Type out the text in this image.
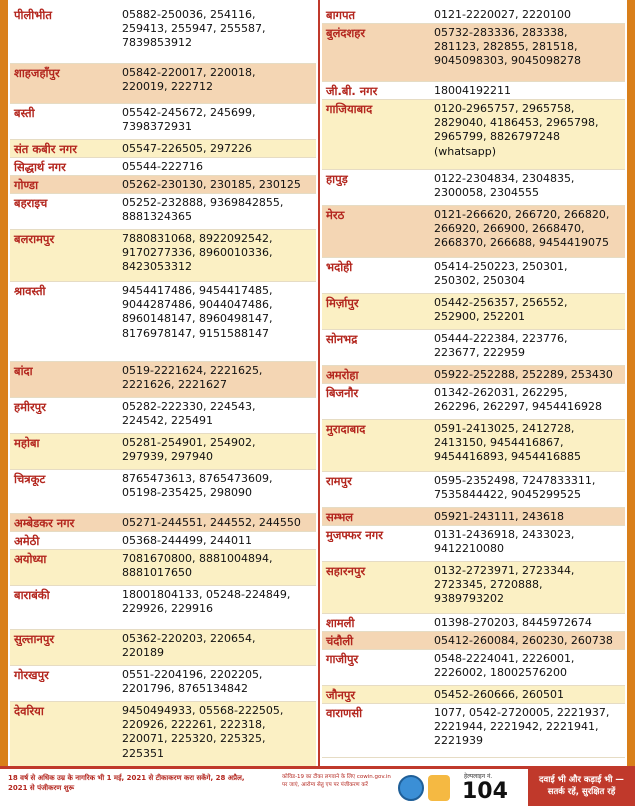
पीलीभीत	05882-250036, 254116,
259413, 255947, 255587,
7839853912
शाहजहाँपुर	05842-220017, 220018,
220019, 222712
बस्ती	05542-245672, 245699,
7398372931
संत कबीर नगर	05547-226505, 297226
सिद्धार्थ नगर	05544-222716
गोण्डा	05262-230130, 230185, 230125
बहराइच	05252-232888, 9369842855,
8881324365
बलरामपुर	7880831068, 8922092542,
9170277336, 8960010336,
8423053312
श्रावस्ती	9454417486, 9454417485,
9044287486, 9044047486,
8960148147, 8960498147,
8176978147, 9151588147
बांदा	0519-2221624, 2221625,
2221626, 2221627
हमीरपुर	05282-222330, 224543,
224542, 225491
महोबा	05281-254901, 254902,
297939, 297940
चित्रकूट	8765473613, 8765473609,
05198-235425, 298090
अम्बेडकर नगर	05271-244551, 244552, 244550
अमेठी	05368-244499, 244011
अयोध्या	7081670800, 8881004894,
8881017650
बाराबंकी	18001804133, 05248-224849,
229926, 229916
सुल्तानपुर	05362-220203, 220654,
220189
गोरखपुर	0551-2204196, 2202205,
2201796, 8765134842
देवरिया	9450494933, 05568-222505,
220926, 222261, 222318,
220071, 225320, 225325,
225351
बागपत	0121-2220027, 2220100
बुलंदशहर	05732-283336, 283338,
281123, 282855, 281518,
9045098303, 9045098278
जी.बी. नगर	18004192211
गाजियाबाद	0120-2965757, 2965758,
2829040, 4186453, 2965798,
2965799, 8826797248
(whatsapp)
हापुड़	0122-2304834, 2304835,
2300058, 2304555
मेरठ	0121-266620, 266720, 266820,
266920, 266900, 2668470,
2668370, 266688, 9454419075
भदोही	05414-250223, 250301,
250302, 250304
मिर्ज़ापुर	05442-256357, 256552,
252900, 252201
सोनभद्र	05444-222384, 223776,
223677, 222959
अमरोहा	05922-252288, 252289, 253430
बिजनौर	01342-262031, 262295,
262296, 262297, 9454416928
मुरादाबाद	0591-2413025, 2412728,
2413150, 9454416867,
9454416893, 9454416885
रामपुर	0595-2352498, 7247833311,
7535844422, 9045299525
सम्भल	05921-243111, 243618
मुजफ्फर नगर	0131-2436918, 2433023,
9412210080
सहारनपुर	0132-2723971, 2723344,
2723345, 2720888,
9389793202
शामली	01398-270203, 8445972674
चंदौली	05412-260084, 260230, 260738
गाजीपुर	0548-2224041, 2226001,
2226002, 18002576200
जौनपुर	05452-260666, 260501
वाराणसी	1077, 0542-2720005, 2221937,
2221944, 2221942, 2221941,
2221939
18 वर्ष से अधिक उम्र के नागरिक भी 1 मई, 2021 से टीकाकरण करा सकेंगे, 28 अप्रैल, 2021 से पंजीकरण शुरू
कोविड-19 का टीका लगवाने के लिए cowin.gov.in पर जाएं, आरोग्य सेतु एप पर पंजीकरण करें
हेल्पलाइन नं.
104	दवाई भी और कड़ाई भी — सतर्क रहें, सुरक्षित रहें
